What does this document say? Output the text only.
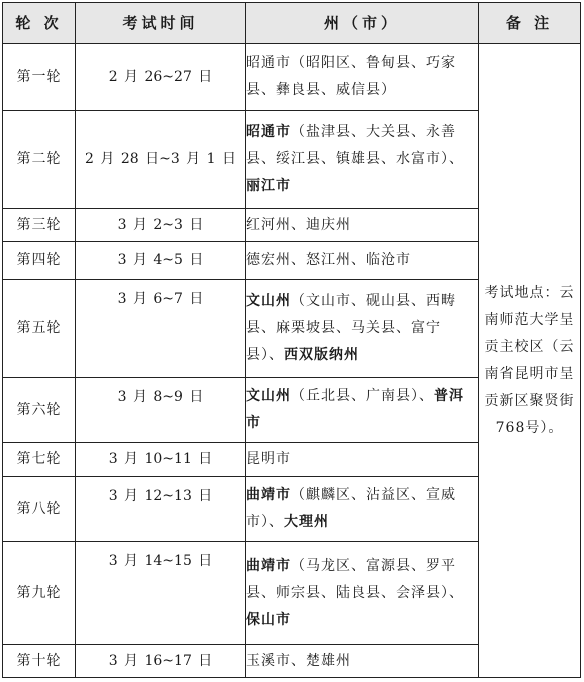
轮 次	考试时间	州（市）	备 注
第一轮	2 月 26~27 日	昭通市（昭阳区、鲁甸县、巧家县、彝良县、威信县）	考试地点：云南师范大学呈贡主校区（云南省昆明市呈贡新区聚贤街768号）。
第二轮	2 月 28 日~3 月 1 日	昭通市（盐津县、大关县、永善县、绥江县、镇雄县、水富市）、丽江市	
第三轮	3 月 2~3 日	红河州、迪庆州	
第四轮	3 月 4~5 日	德宏州、怒江州、临沧市	
第五轮	3 月 6~7 日	文山州（文山市、砚山县、西畴县、麻栗坡县、马关县、富宁县）、西双版纳州	
第六轮	3 月 8~9 日	文山州（丘北县、广南县）、普洱市	
第七轮	3 月 10~11 日	昆明市	
第八轮	3 月 12~13 日	曲靖市（麒麟区、沾益区、宣威市）、大理州	
第九轮	3 月 14~15 日	曲靖市（马龙区、富源县、罗平县、师宗县、陆良县、会泽县）、保山市	
第十轮	3 月 16~17 日	玉溪市、楚雄州	
